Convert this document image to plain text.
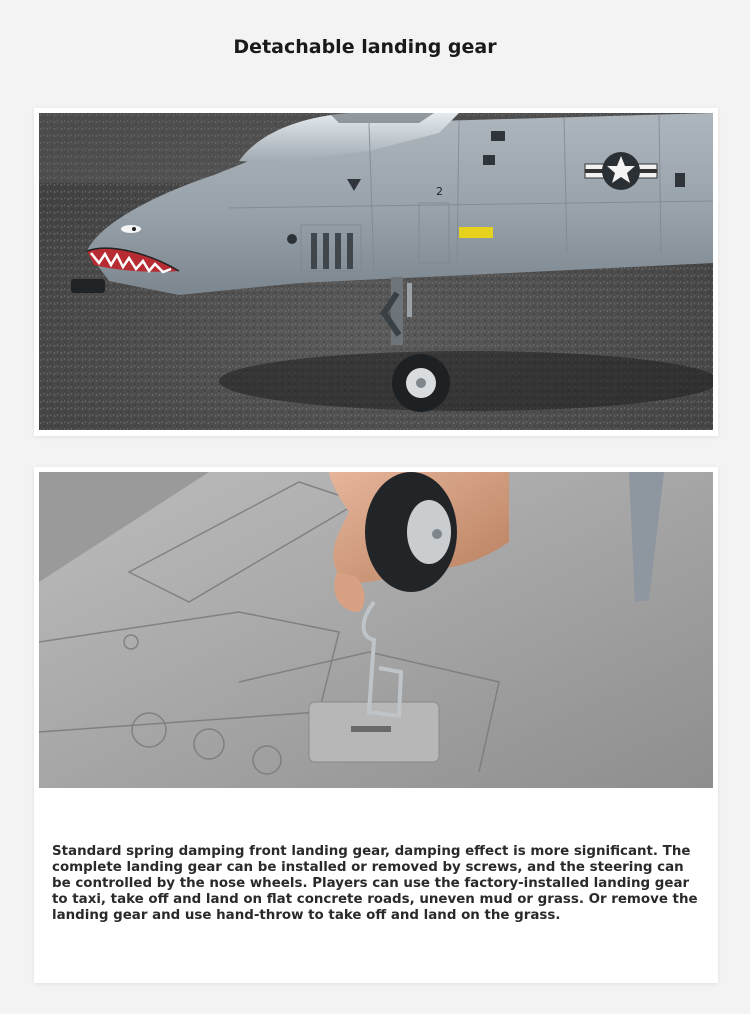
Detachable landing gear
2

Standard spring damping front landing gear, damping effect is more significant. The complete landing gear can be installed or removed by screws, and the steering can be controlled by the nose wheels. Players can use the factory-installed landing gear to taxi, take off and land on flat concrete roads, uneven mud or grass. Or remove the landing gear and use hand-throw to take off and land on the grass.
